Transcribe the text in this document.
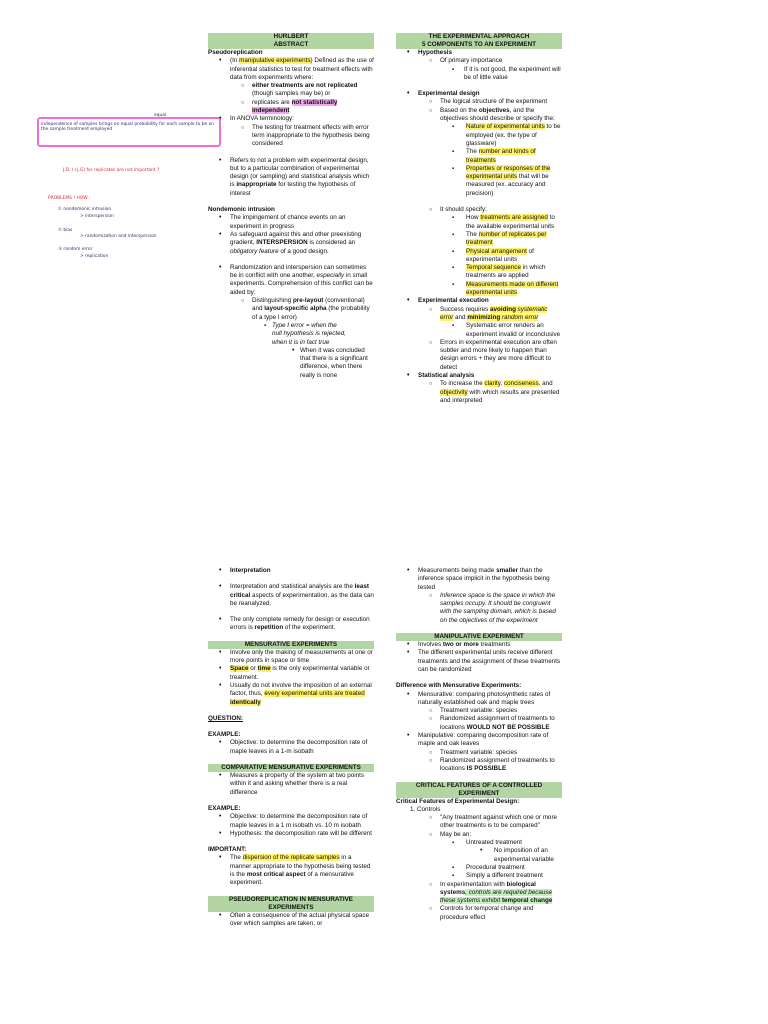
independence of samples brings on equal probability for each sample to be on the sample treatment employed
equal
J.D. (+J.G) for replicates are not important ?
PROBLEMS ! HOW :
① nondemonic intrusion
> interspersion
② bias
> randomization and interspersion
③ random error
> replication
HURLBERT
ABSTRACT
Pseudoreplication
• (In manipulative experiments) Defined as the use of inferential statistics to test for treatment effects with data from experiments where:
○ either treatments are not replicated (though samples may be) or
○ replicates are not statistically independent
• In ANOVA terminology:
○ The testing for treatment effects with error term inappropriate to the hypothesis being considered
• Refers to not a problem with experimental design, but to a particular combination of experimental design (or sampling) and statistical analysis which is inappropriate for testing the hypothesis of interest
Nondemonic intrusion
• The impingement of chance events on an experiment in progress
• As safeguard against this and other preexisting gradient, INTERSPERSION is considered an obligatory feature of a good design.
• Randomization and interspersion can sometimes be in conflict with one another, especially in small experiments. Comprehension of this conflict can be aided by:
○ Distinguishing pre-layout (conventional) and layout-specific alpha (the probability of a type I error)
▪ Type I error = when the null hypothesis is rejected, when it is in fact true
• When it was concluded that there is a significant difference, when there really is none
• Interpretation
• Interpretation and statistical analysis are the least critical aspects of experimentation, as the data can be reanalyzed.
• The only complete remedy for design or execution errors is repetition of the experiment.
MENSURATIVE EXPERIMENTS
• Involve only the making of measurements at one or more points in space or time
• Space or time is the only experimental variable or treatment.
• Usually do not involve the imposition of an external factor, thus, every experimental units are treated identically
QUESTION:
EXAMPLE:
• Objective: to determine the decomposition rate of maple leaves in a 1-m isobath
COMPARATIVE MENSURATIVE EXPERIMENTS
• Measures a property of the system at two points within it and asking whether there is a real difference
EXAMPLE:
• Objective: to determine the decomposition rate of maple leaves in a 1 m isobath vs. 10 m isobath
• Hypothesis: the decomposition rate will be different
IMPORTANT:
• The dispersion of the replicate samples in a manner appropriate to the hypothesis being tested is the most critical aspect of a mensurative experiment.
PSEUDOREPLICATION IN MENSURATIVE
EXPERIMENTS
• Often a consequence of the actual physical space over which samples are taken, or
THE EXPERIMENTAL APPROACH
5 COMPONENTS TO AN EXPERIMENT
• Hypothesis
○ Of primary importance
▪ If it is not good, the experiment will be of little value
• Experimental design
○ The logical structure of the experiment
○ Based on the objectives, and the objectives should describe or specify the:
▪ Nature of experimental units to be employed (ex. the type of glassware)
▪ The number and kinds of treatments
▪ Properties or responses of the experimental units that will be measured (ex. accuracy and precision)
○ It should specify:
▪ How treatments are assigned to the available experimental units
▪ The number of replicates per treatment
▪ Physical arrangement of experimental units
▪ Temporal sequence in which treatments are applied
▪ Measurements made on different experimental units
• Experimental execution
○ Success requires avoiding systematic error and minimizing random error
▪ Systematic error renders an experiment invalid or inconclusive
○ Errors in experimental execution are often subtler and more likely to happen than design errors + they are more difficult to detect
• Statistical analysis
○ To increase the clarity, conciseness, and objectivity with which results are presented and interpreted
• Measurements being made smaller than the inference space implicit in the hypothesis being tested
○ Inference space is the space in which the samples occupy. It should be congruent with the sampling domain, which is based on the objectives of the experiment
MANIPULATIVE EXPERIMENT
• Involves two or more treatments
• The different experimental units receive different treatments and the assignment of these treatments can be randomized
Difference with Mensurative Experiments:
• Mensurative: comparing photosynthetic rates of naturally established oak and maple trees
○ Treatment variable: species
○ Randomized assignment of treatments to locations WOULD NOT BE POSSIBLE
• Manipulative: comparing decomposition rate of maple and oak leaves
○ Treatment variable: species
○ Randomized assignment of treatments to locations IS POSSIBLE
CRITICAL FEATURES OF A CONTROLLED
EXPERIMENT
Critical Features of Experimental Design:
1. Controls
○ "Any treatment against which one or more other treatments is to be compared"
○ May be an:
▪ Untreated treatment
• No imposition of an experimental variable
▪ Procedural treatment
▪ Simply a different treatment
○ In experimentation with biological systems, controls are required because these systems exhibit temporal change
○ Controls for temporal change and procedure effect
